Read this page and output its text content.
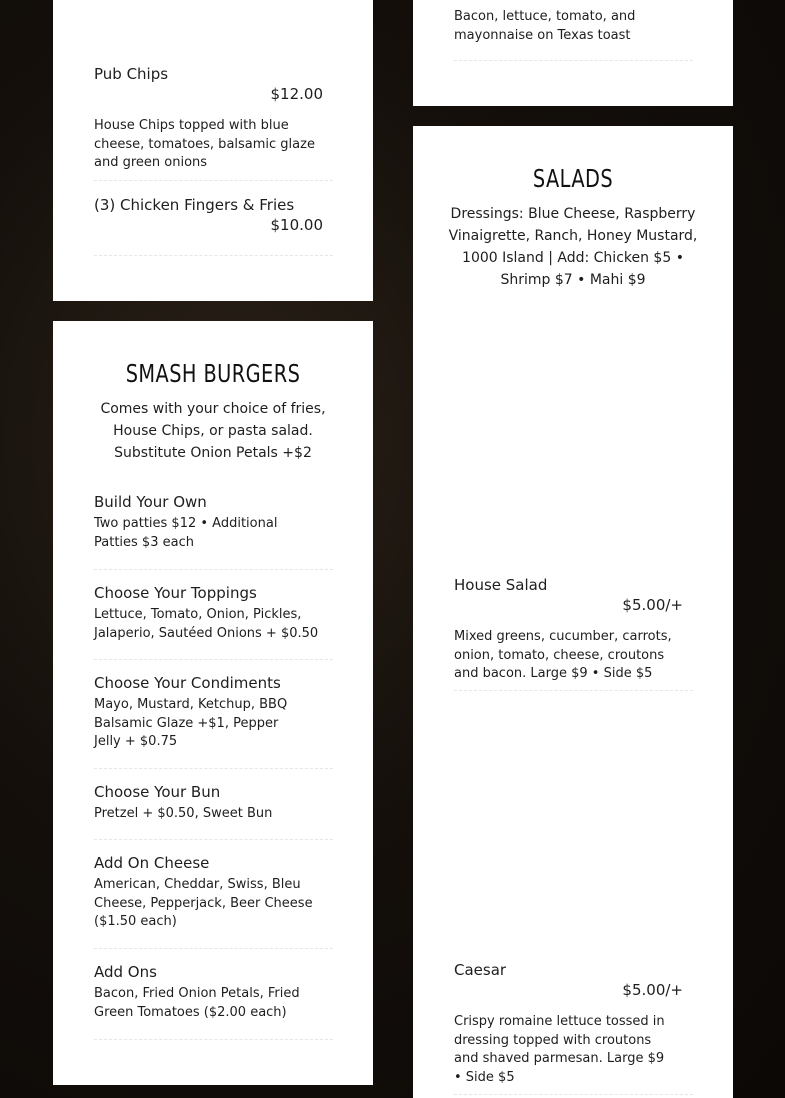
Pub Chips
$12.00
House Chips topped with blue cheese, tomatoes, balsamic glaze and green onions
(3) Chicken Fingers & Fries
$10.00
Bacon, lettuce, tomato, and mayonnaise on Texas toast
SMASH BURGERS
Comes with your choice of fries, House Chips, or pasta salad. Substitute Onion Petals +$2
Build Your Own
Two patties $12 • Additional Patties $3 each
Choose Your Toppings
Lettuce, Tomato, Onion, Pickles, Jalaperio, Sautéed Onions + $0.50
Choose Your Condiments
Mayo, Mustard, Ketchup, BBQ Balsamic Glaze +$1, Pepper Jelly + $0.75
Choose Your Bun
Pretzel + $0.50, Sweet Bun
Add On Cheese
American, Cheddar, Swiss, Bleu Cheese, Pepperjack, Beer Cheese ($1.50 each)
Add Ons
Bacon, Fried Onion Petals, Fried Green Tomatoes ($2.00 each)
SALADS
Dressings: Blue Cheese, Raspberry Vinaigrette, Ranch, Honey Mustard, 1000 Island | Add: Chicken $5 • Shrimp $7 • Mahi $9
House Salad
$5.00/+
Mixed greens, cucumber, carrots, onion, tomato, cheese, croutons and bacon. Large $9 • Side $5
Caesar
$5.00/+
Crispy romaine lettuce tossed in dressing topped with croutons and shaved parmesan. Large $9 • Side $5
